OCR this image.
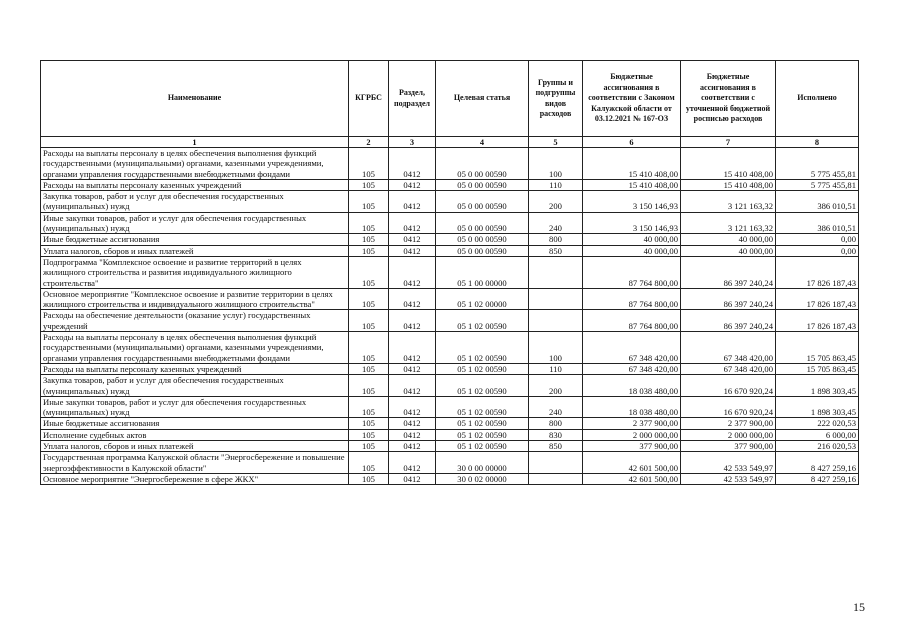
Наименование	КГРБС	Раздел, подраздел	Целевая статья	Группы и подгруппы видов расходов	Бюджетные ассигнования в соответствии с Законом Калужской области от 03.12.2021 № 167-ОЗ	Бюджетные ассигнования в соответствии с уточненной бюджетной росписью расходов	Исполнено
1	2	3	4	5	6	7	8
Расходы на выплаты персоналу в целях обеспечения выполнения функций государственными (муниципальными) органами, казенными учреждениями, органами управления государственными внебюджетными фондами	105	0412	05 0 00 00590	100	15 410 408,00	15 410 408,00	5 775 455,81
Расходы на выплаты персоналу казенных учреждений	105	0412	05 0 00 00590	110	15 410 408,00	15 410 408,00	5 775 455,81
Закупка товаров, работ и услуг для обеспечения государственных (муниципальных) нужд	105	0412	05 0 00 00590	200	3 150 146,93	3 121 163,32	386 010,51
Иные закупки товаров, работ и услуг для обеспечения государственных (муниципальных) нужд	105	0412	05 0 00 00590	240	3 150 146,93	3 121 163,32	386 010,51
Иные бюджетные ассигнования	105	0412	05 0 00 00590	800	40 000,00	40 000,00	0,00
Уплата налогов, сборов и иных платежей	105	0412	05 0 00 00590	850	40 000,00	40 000,00	0,00
Подпрограмма "Комплексное освоение и развитие территорий в целях жилищного строительства и развития индивидуального жилищного строительства"	105	0412	05 1 00 00000		87 764 800,00	86 397 240,24	17 826 187,43
Основное мероприятие "Комплексное освоение и развитие территории в целях жилищного строительства и индивидуального жилищного строительства"	105	0412	05 1 02 00000		87 764 800,00	86 397 240,24	17 826 187,43
Расходы на обеспечение деятельности (оказание услуг) государственных учреждений	105	0412	05 1 02 00590		87 764 800,00	86 397 240,24	17 826 187,43
Расходы на выплаты персоналу в целях обеспечения выполнения функций государственными (муниципальными) органами, казенными учреждениями, органами управления государственными внебюджетными фондами	105	0412	05 1 02 00590	100	67 348 420,00	67 348 420,00	15 705 863,45
Расходы на выплаты персоналу казенных учреждений	105	0412	05 1 02 00590	110	67 348 420,00	67 348 420,00	15 705 863,45
Закупка товаров, работ и услуг для обеспечения государственных (муниципальных) нужд	105	0412	05 1 02 00590	200	18 038 480,00	16 670 920,24	1 898 303,45
Иные закупки товаров, работ и услуг для обеспечения государственных (муниципальных) нужд	105	0412	05 1 02 00590	240	18 038 480,00	16 670 920,24	1 898 303,45
Иные бюджетные ассигнования	105	0412	05 1 02 00590	800	2 377 900,00	2 377 900,00	222 020,53
Исполнение судебных актов	105	0412	05 1 02 00590	830	2 000 000,00	2 000 000,00	6 000,00
Уплата налогов, сборов и иных платежей	105	0412	05 1 02 00590	850	377 900,00	377 900,00	216 020,53
Государственная программа Калужской области "Энергосбережение и повышение энергоэффективности в Калужской области"	105	0412	30 0 00 00000		42 601 500,00	42 533 549,97	8 427 259,16
Основное мероприятие "Энергосбережение в сфере ЖКХ"	105	0412	30 0 02 00000		42 601 500,00	42 533 549,97	8 427 259,16
15
